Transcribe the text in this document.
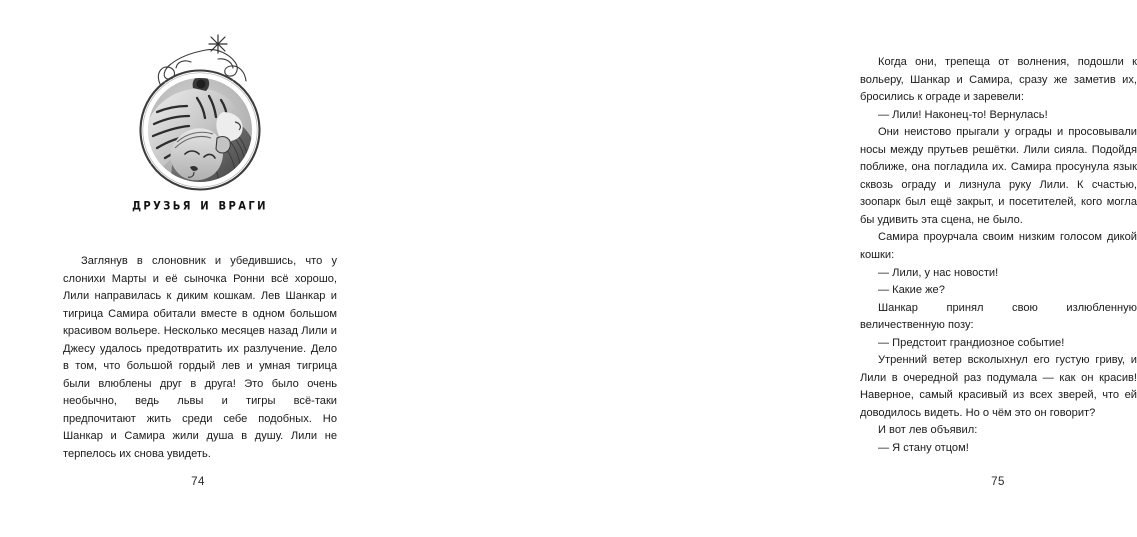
друзья и враги

Заглянув в слоновник и убедившись, что у слонихи Марты и её сыночка Ронни всё хорошо, Лили направилась к диким кошкам. Лев Шанкар и тигрица Самира обитали вместе в одном большом красивом вольере. Несколько месяцев назад Лили и Джесу удалось предотвратить их разлучение. Дело в том, что большой гордый лев и умная тигрица были влюблены друг в друга! Это было очень необычно, ведь львы и тигры всё-таки предпочитают жить среди себе подобных. Но Шанкар и Самира жили душа в душу. Лили не терпелось их снова увидеть.

74

Когда они, трепеща от волнения, подошли к вольеру, Шанкар и Самира, сразу же заметив их, бросились к ограде и заревели:

— Лили! Наконец-то! Вернулась!

Они неистово прыгали у ограды и просовывали носы между прутьев решётки. Лили сияла. Подойдя поближе, она погладила их. Самира просунула язык сквозь ограду и лизнула руку Лили. К счастью, зоопарк был ещё закрыт, и посетителей, кого могла бы удивить эта сцена, не было.

Самира проурчала своим низким голосом дикой кошки:

— Лили, у нас новости!

— Какие же?

Шанкар принял свою излюбленную величественную позу:

— Предстоит грандиозное событие!

Утренний ветер всколыхнул его густую гриву, и Лили в очередной раз подумала — как он красив! Наверное, самый красивый из всех зверей, что ей доводилось видеть. Но о чём это он говорит?

И вот лев объявил:

— Я стану отцом!

75
